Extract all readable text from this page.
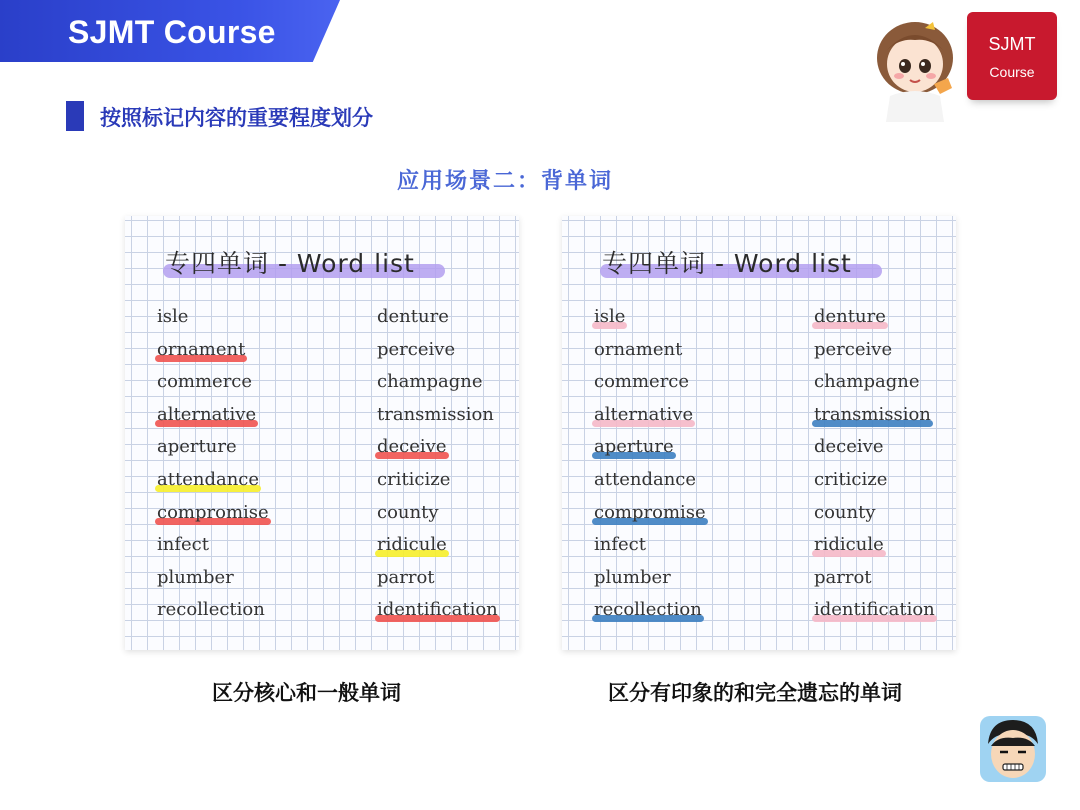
SJMT Course	SJMT
Course
按照标记内容的重要程度划分
应用场景二：背单词
专四单词 - Word list
isle
ornament
commerce
alternative
aperture
attendance
compromise
infect
plumber
recollection
denture
perceive
champagne
transmission
deceive
criticize
county
ridicule
parrot
identification
专四单词 - Word list
isle
ornament
commerce
alternative
aperture
attendance
compromise
infect
plumber
recollection
denture
perceive
champagne
transmission
deceive
criticize
county
ridicule
parrot
identification
区分核心和一般单词	区分有印象的和完全遗忘的单词
